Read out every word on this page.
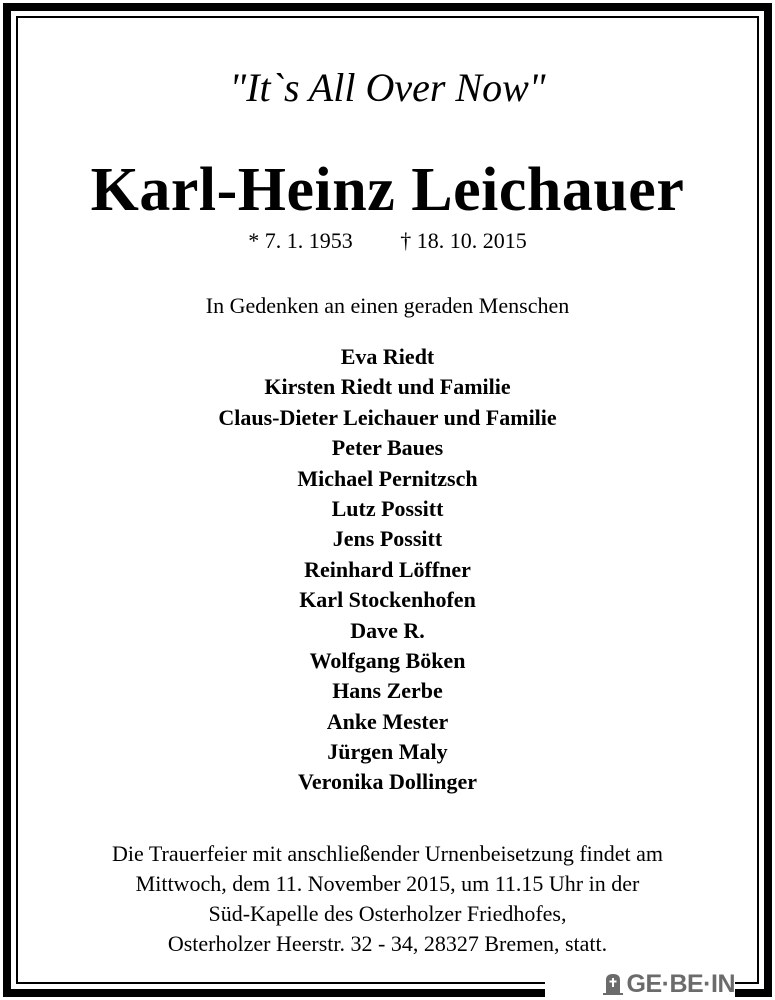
"It`s All Over Now"
Karl-Heinz Leichauer
* 7. 1. 1953 † 18. 10. 2015
In Gedenken an einen geraden Menschen
Eva Riedt
Kirsten Riedt und Familie
Claus-Dieter Leichauer und Familie
Peter Baues
Michael Pernitzsch
Lutz Possitt
Jens Possitt
Reinhard Löffner
Karl Stockenhofen
Dave R.
Wolfgang Böken
Hans Zerbe
Anke Mester
Jürgen Maly
Veronika Dollinger
Die Trauerfeier mit anschließender Urnenbeisetzung findet am
Mittwoch, dem 11. November 2015, um 11.15 Uhr in der
Süd-Kapelle des Osterholzer Friedhofes,
Osterholzer Heerstr. 32 - 34, 28327 Bremen, statt.
GE·BE·IN
